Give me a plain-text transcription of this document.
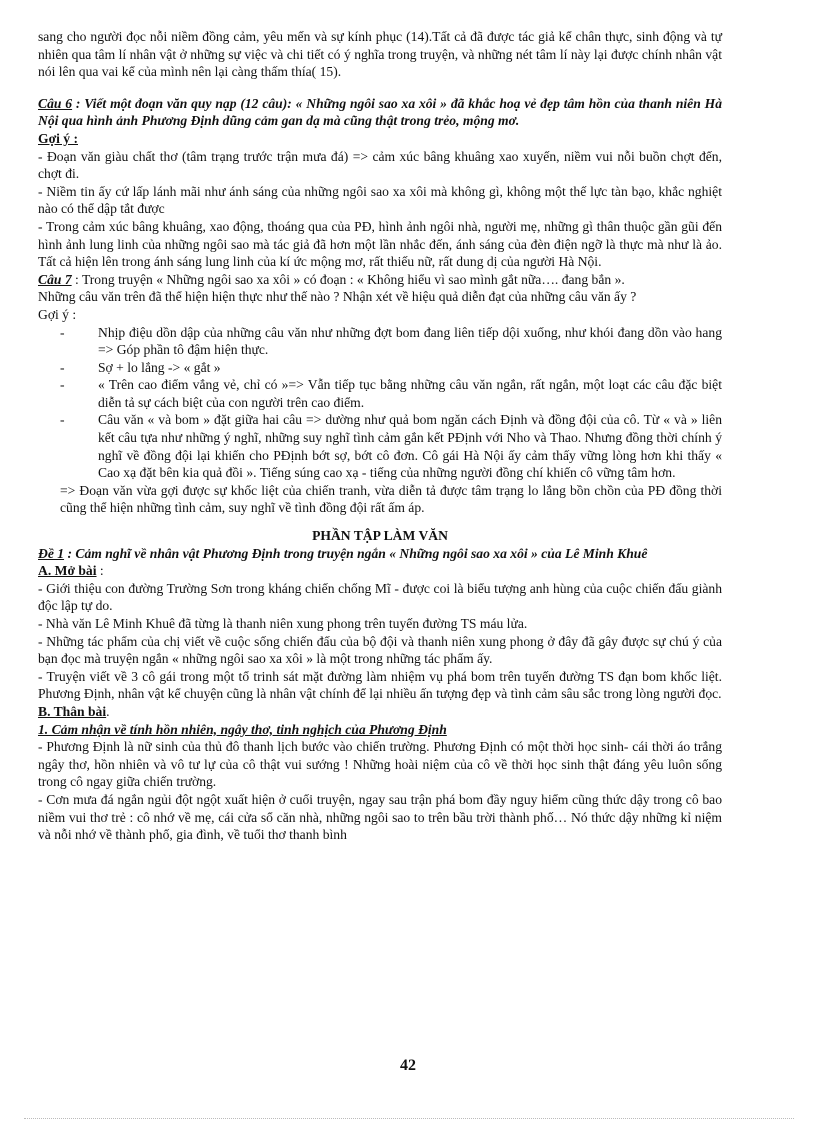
sang cho người đọc nỗi niềm đồng cảm, yêu mến và sự kính phục (14).Tất cả đã được tác giả kể chân thực, sinh động và tự nhiên qua tâm lí nhân vật ở những sự việc và chi tiết có ý nghĩa trong truyện, và những nét tâm lí này lại được chính nhân vật nói lên qua vai kể của mình nên lại càng thấm thía( 15).

Câu 6 : Viết một đoạn văn quy nạp (12 câu): « Những ngôi sao xa xôi » đã khắc hoạ vẻ đẹp tâm hồn của thanh niên Hà Nội qua hình ảnh Phương Định dũng cảm gan dạ mà cũng thật trong trẻo, mộng mơ.

Gợi ý :

- Đoạn văn giàu chất thơ (tâm trạng trước trận mưa đá) => cảm xúc bâng khuâng xao xuyến, niềm vui nỗi buồn chợt đến, chợt đi.

- Niềm tin ấy cứ lấp lánh mãi như ánh sáng của những ngôi sao xa xôi mà không gì, không một thế lực tàn bạo, khắc nghiệt nào có thể dập tắt được

- Trong cảm xúc bâng khuâng, xao động, thoáng qua của PĐ, hình ảnh ngôi nhà, người mẹ, những gì thân thuộc gần gũi đến hình ảnh lung linh của những ngôi sao mà tác giả đã hơn một lần nhắc đến, ánh sáng của đèn điện ngỡ là thực mà như là ảo. Tất cả hiện lên trong ánh sáng lung linh của kí ức mộng mơ, rất thiếu nữ, rất dung dị của người Hà Nội.

Câu 7 : Trong truyện « Những ngôi sao xa xôi » có đoạn : « Không hiểu vì sao mình gắt nữa…. đang bắn ».

Những câu văn trên đã thể hiện hiện thực như thế nào ? Nhận xét về hiệu quả diễn đạt của những câu văn ấy ?

Gợi ý :

- Nhịp điệu dồn dập của những câu văn như những đợt bom đang liên tiếp dội xuống, như khói đang dồn vào hang => Góp phần tô đậm hiện thực.
- Sợ + lo lắng -> « gắt »
- « Trên cao điểm vắng vẻ, chỉ có »=> Vẫn tiếp tục bằng những câu văn ngắn, rất ngắn, một loạt các câu đặc biệt diễn tả sự cách biệt của con người trên cao điểm.
- Câu văn « và bom » đặt giữa hai câu => dường như quả bom ngăn cách Định và đồng đội của cô. Từ « và » liên kết câu tựa như những ý nghĩ, những suy nghĩ tình cảm gắn kết PĐịnh với Nho và Thao. Nhưng đồng thời chính ý nghĩ về đồng đội lại khiến cho PĐịnh bớt sợ, bớt cô đơn. Cô gái Hà Nội ấy cảm thấy vững lòng hơn khi thấy « Cao xạ đặt bên kia quả đồi ». Tiếng súng cao xạ - tiếng của những người đồng chí khiến cô vững tâm hơn.

=> Đoạn văn vừa gợi được sự khốc liệt của chiến tranh, vừa diễn tả được tâm trạng lo lắng bồn chồn của PĐ đồng thời cũng thể hiện những tình cảm, suy nghĩ về tình đồng đội rất ấm áp.

PHẦN TẬP LÀM VĂN

Đề 1 : Cảm nghĩ về nhân vật Phương Định trong truyện ngắn « Những ngôi sao xa xôi » của Lê Minh Khuê

A. Mở bài :

- Giới thiệu con đường Trường Sơn trong kháng chiến chống Mĩ - được coi là biểu tượng anh hùng của cuộc chiến đấu giành độc lập tự do.

- Nhà văn Lê Minh Khuê đã từng là thanh niên xung phong trên tuyến đường TS máu lửa.

- Những tác phẩm của chị viết về cuộc sống chiến đấu của bộ đội và thanh niên xung phong ở đây đã gây được sự chú ý của bạn đọc mà truyện ngắn « những ngôi sao xa xôi » là một trong những tác phẩm ấy.

- Truyện viết về 3 cô gái trong một tổ trinh sát mặt đường làm nhiệm vụ phá bom trên tuyến đường TS đạn bom khốc liệt. Phương Định, nhân vật kể chuyện cũng là nhân vật chính để lại nhiều ấn tượng đẹp và tình cảm sâu sắc trong lòng người đọc.

B. Thân bài.

1. Cảm nhận về tính hồn nhiên, ngây thơ, tinh nghịch của Phương Định

- Phương Định là nữ sinh của thủ đô thanh lịch bước vào chiến trường. Phương Định có một thời học sinh- cái thời áo trắng ngây thơ, hồn nhiên và vô tư lự của cô thật vui sướng ! Những hoài niệm của cô về thời học sinh thật đáng yêu luôn sống trong cô ngay giữa chiến trường.

- Cơn mưa đá ngắn ngủi đột ngột xuất hiện ở cuối truyện, ngay sau trận phá bom đầy nguy hiểm cũng thức dậy trong cô bao niềm vui thơ trẻ : cô nhớ về mẹ, cái cửa sổ căn nhà, những ngôi sao to trên bầu trời thành phố… Nó thức dậy những kỉ niệm và nỗi nhớ về thành phố, gia đình, về tuổi thơ thanh bình

42
